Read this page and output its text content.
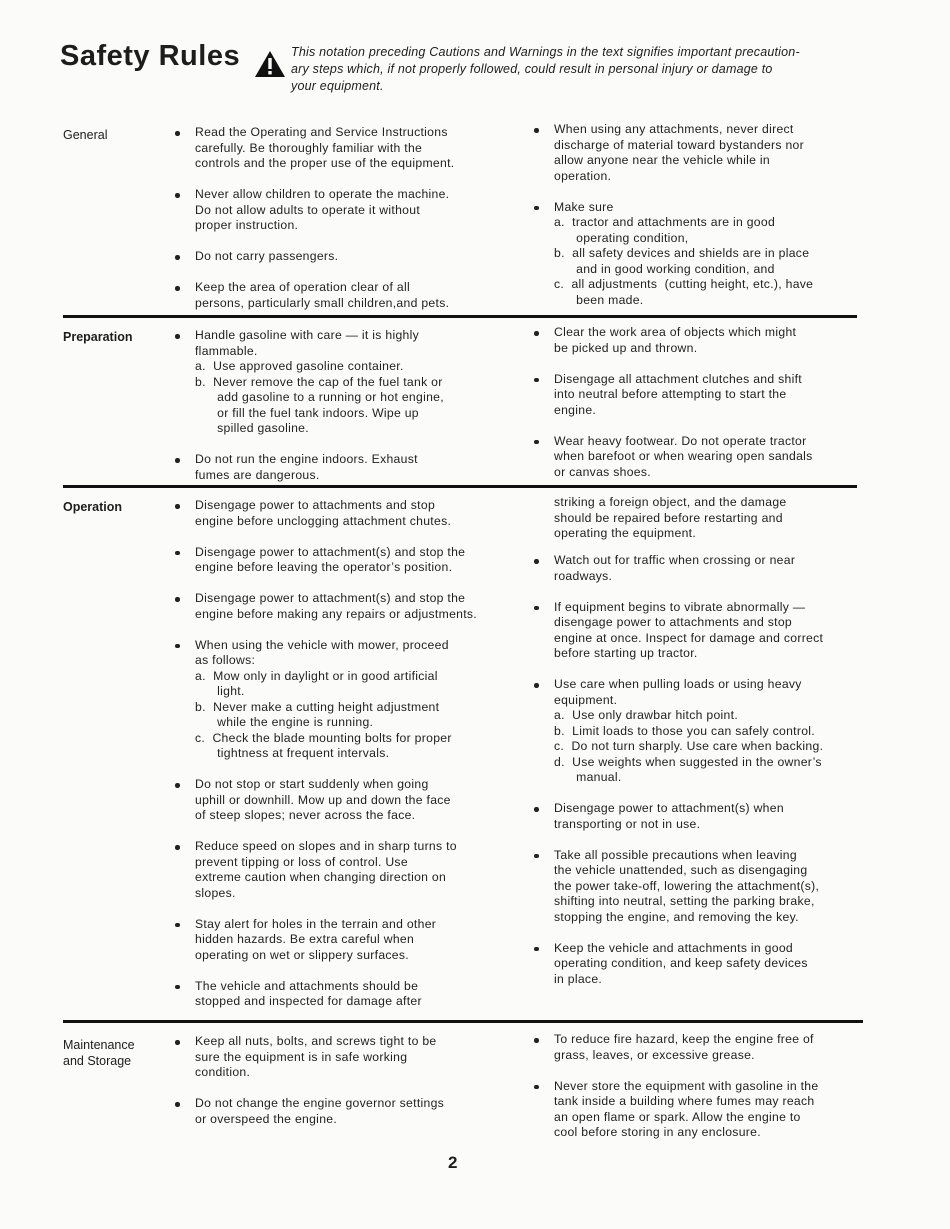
Safety Rules	This notation preceding Cautions and Warnings in the text signifies important precaution-
ary steps which, if not properly followed, could result in personal injury or damage to
your equipment.
General	Read the Operating and Service Instructions
carefully. Be thoroughly familiar with the
controls and the proper use of the equipment.
Never allow children to operate the machine.
Do not allow adults to operate it without
proper instruction.
Do not carry passengers.
Keep the area of operation clear of all
persons, particularly small children,and pets.
When using any attachments, never direct
discharge of material toward bystanders nor
allow anyone near the vehicle while in
operation.
Make sure
a.  tractor and attachments are in good
operating condition,
b.  all safety devices and shields are in place
and in good working condition, and
c.  all adjustments  (cutting height, etc.), have
been made.
Preparation	Handle gasoline with care — it is highly
flammable.
a.  Use approved gasoline container.
b.  Never remove the cap of the fuel tank or
add gasoline to a running or hot engine,
or fill the fuel tank indoors. Wipe up
spilled gasoline.
Do not run the engine indoors. Exhaust
fumes are dangerous.
Clear the work area of objects which might
be picked up and thrown.
Disengage all attachment clutches and shift
into neutral before attempting to start the
engine.
Wear heavy footwear. Do not operate tractor
when barefoot or when wearing open sandals
or canvas shoes.
Operation	Disengage power to attachments and stop
engine before unclogging attachment chutes.
Disengage power to attachment(s) and stop the
engine before leaving the operator’s position.
Disengage power to attachment(s) and stop the
engine before making any repairs or adjustments.
When using the vehicle with mower, proceed
as follows:
a.  Mow only in daylight or in good artificial
light.
b.  Never make a cutting height adjustment
while the engine is running.
c.  Check the blade mounting bolts for proper
tightness at frequent intervals.
Do not stop or start suddenly when going
uphill or downhill. Mow up and down the face
of steep slopes; never across the face.
Reduce speed on slopes and in sharp turns to
prevent tipping or loss of control. Use
extreme caution when changing direction on
slopes.
Stay alert for holes in the terrain and other
hidden hazards. Be extra careful when
operating on wet or slippery surfaces.
The vehicle and attachments should be
stopped and inspected for damage after
striking a foreign object, and the damage
should be repaired before restarting and
operating the equipment.
Watch out for traffic when crossing or near
roadways.
If equipment begins to vibrate abnormally —
disengage power to attachments and stop
engine at once. Inspect for damage and correct
before starting up tractor.
Use care when pulling loads or using heavy
equipment.
a.  Use only drawbar hitch point.
b.  Limit loads to those you can safely control.
c.  Do not turn sharply. Use care when backing.
d.  Use weights when suggested in the owner’s
manual.
Disengage power to attachment(s) when
transporting or not in use.
Take all possible precautions when leaving
the vehicle unattended, such as disengaging
the power take-off, lowering the attachment(s),
shifting into neutral, setting the parking brake,
stopping the engine, and removing the key.
Keep the vehicle and attachments in good
operating condition, and keep safety devices
in place.
Maintenance
and Storage
Keep all nuts, bolts, and screws tight to be
sure the equipment is in safe working
condition.
Do not change the engine governor settings
or overspeed the engine.
To reduce fire hazard, keep the engine free of
grass, leaves, or excessive grease.
Never store the equipment with gasoline in the
tank inside a building where fumes may reach
an open flame or spark. Allow the engine to
cool before storing in any enclosure.
2
